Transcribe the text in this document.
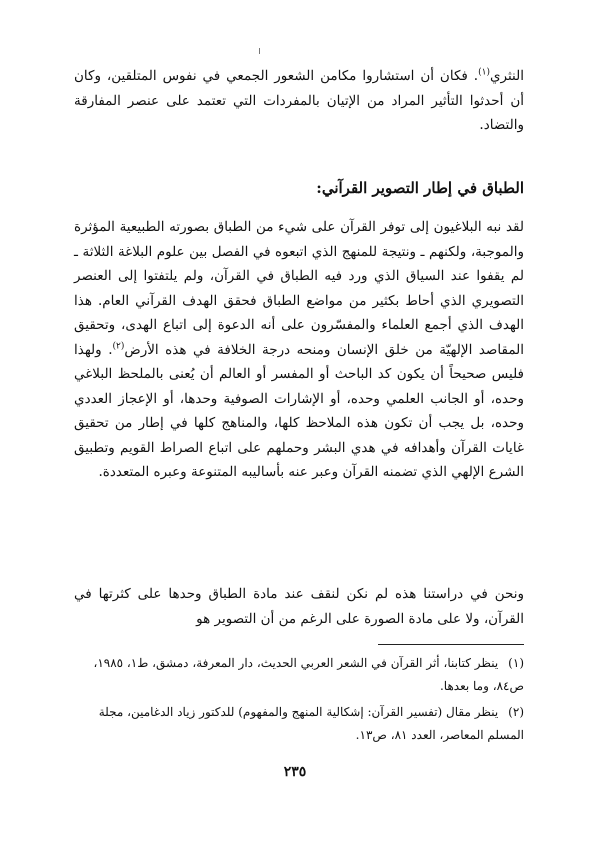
النثري$^{(١)}$. فكان أن استشاروا مكامن الشعور الجمعي في نفوس المتلقين، وكان أن أحدثوا التأثير المراد من الإتيان بالمفردات التي تعتمد على عنصر المفارقة والتضاد.

الطباق في إطار التصوير القرآني:

لقد نبه البلاغيون إلى توفر القرآن على شيء من الطباق بصورته الطبيعية المؤثرة والموجبة، ولكنهم ـ ونتيجة للمنهج الذي اتبعوه في الفصل بين علوم البلاغة الثلاثة ـ لم يقفوا عند السياق الذي ورد فيه الطباق في القرآن، ولم يلتفتوا إلى العنصر التصويري الذي أحاط بكثير من مواضع الطباق فحقق الهدف القرآني العام. هذا الهدف الذي أجمع العلماء والمفسّرون على أنه الدعوة إلى اتباع الهدى، وتحقيق المقاصد الإلهيّة من خلق الإنسان ومنحه درجة الخلافة في هذه الأرض$^{(٢)}$. ولهذا فليس صحيحاً أن يكون كد الباحث أو المفسر أو العالم أن يُعنى بالملحظ البلاغي وحده، أو الجانب العلمي وحده، أو الإشارات الصوفية وحدها، أو الإعجاز العددي وحده، بل يجب أن تكون هذه الملاحظ كلها، والمناهج كلها في إطار من تحقيق غايات القرآن وأهدافه في هدي البشر وحملهم على اتباع الصراط القويم وتطبيق الشرع الإلهي الذي تضمنه القرآن وعبر عنه بأساليبه المتنوعة وعبره المتعددة.

ونحن في دراستنا هذه لم نكن لنقف عند مادة الطباق وحدها على كثرتها في القرآن، ولا على مادة الصورة على الرغم من أن التصوير هو

(١) ينظر كتابنا، أثر القرآن في الشعر العربي الحديث، دار المعرفة، دمشق، ط١، ١٩٨٥، ص٨٤، وما بعدها.

(٢) ينظر مقال (تفسير القرآن: إشكالية المنهج والمفهوم) للدكتور زياد الدغامين، مجلة المسلم المعاصر، العدد ٨١، ص١٣.

٢٣٥
